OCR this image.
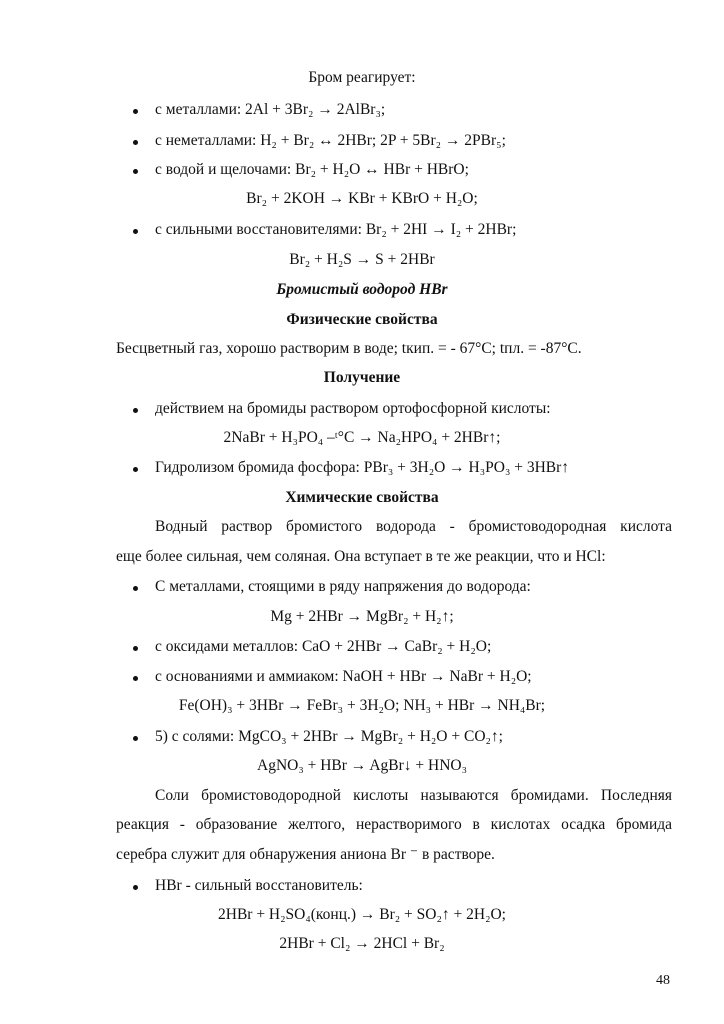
Бром реагирует:
с металлами: 2Al + 3Br₂ → 2AlBr₃;
с неметаллами: H₂ + Br₂ ↔ 2HBr; 2P + 5Br₂ → 2PBr₅;
с водой и щелочами: Br₂ + H₂O ↔ HBr + HBrO;
Br₂ + 2KOH → KBr + KBrO + H₂O;
с сильными восстановителями: Br₂ + 2HI → I₂ + 2HBr;
Br₂ + H₂S → S + 2HBr
Бромистый водород HBr
Физические свойства
Бесцветный газ, хорошо растворим в воде; tкип. = - 67°C; tпл. = -87°C.
Получение
действием на бромиды раствором ортофосфорной кислоты:
2NaBr + H₃PO₄ –ᵗ°C → Na₂HPO₄ + 2HBr↑;
Гидролизом бромида фосфора: PBr₃ + 3H₂O → H₃PO₃ + 3HBr↑
Химические свойства
Водный раствор бромистого водорода - бромистоводородная кислота
еще более сильная, чем соляная. Она вступает в те же реакции, что и HCl:
С металлами, стоящими в ряду напряжения до водорода:
Mg + 2HBr → MgBr₂ + H₂↑;
с оксидами металлов: CaO + 2HBr → CaBr₂ + H₂O;
с основаниями и аммиаком: NaOH + HBr → NaBr + H₂O;
Fe(OH)₃ + 3HBr → FeBr₃ + 3H₂O; NH₃ + HBr → NH₄Br;
5) с солями: MgCO₃ + 2HBr → MgBr₂ + H₂O + CO₂↑;
AgNO₃ + HBr → AgBr↓ + HNO₃
Соли бромистоводородной кислоты называются бромидами. Последняя
реакция - образование желтого, нерастворимого в кислотах осадка бромида
серебра служит для обнаружения аниона Br ⁻ в растворе.
HBr - сильный восстановитель:
2HBr + H₂SO₄(конц.) → Br₂ + SO₂↑ + 2H₂O;
2HBr + Cl₂ → 2HCl + Br₂
48
